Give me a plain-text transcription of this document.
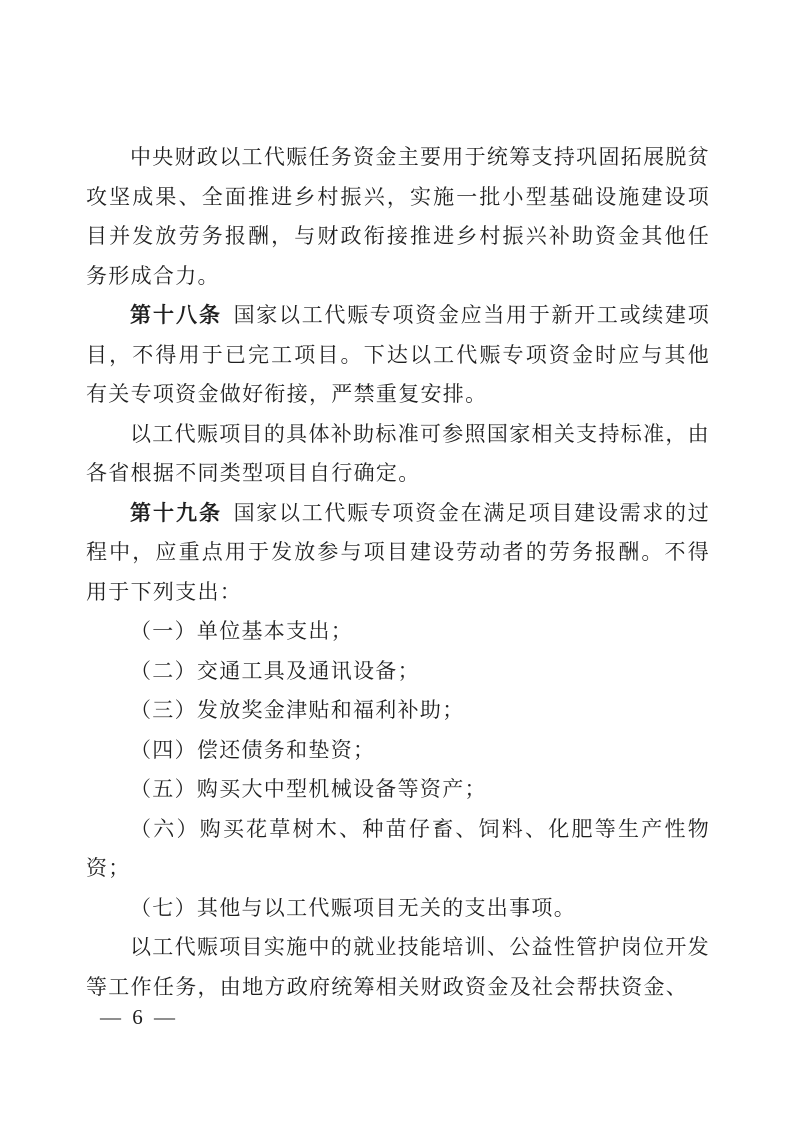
中央财政以工代赈任务资金主要用于统筹支持巩固拓展脱贫攻坚成果、全面推进乡村振兴，实施一批小型基础设施建设项目并发放劳务报酬，与财政衔接推进乡村振兴补助资金其他任务形成合力。

第十八条 国家以工代赈专项资金应当用于新开工或续建项目，不得用于已完工项目。下达以工代赈专项资金时应与其他有关专项资金做好衔接，严禁重复安排。

以工代赈项目的具体补助标准可参照国家相关支持标准，由各省根据不同类型项目自行确定。

第十九条 国家以工代赈专项资金在满足项目建设需求的过程中，应重点用于发放参与项目建设劳动者的劳务报酬。不得用于下列支出：

（一）单位基本支出；

（二）交通工具及通讯设备；

（三）发放奖金津贴和福利补助；

（四）偿还债务和垫资；

（五）购买大中型机械设备等资产；

（六）购买花草树木、种苗仔畜、饲料、化肥等生产性物资；

（七）其他与以工代赈项目无关的支出事项。

以工代赈项目实施中的就业技能培训、公益性管护岗位开发等工作任务，由地方政府统筹相关财政资金及社会帮扶资金、

— 6 —
